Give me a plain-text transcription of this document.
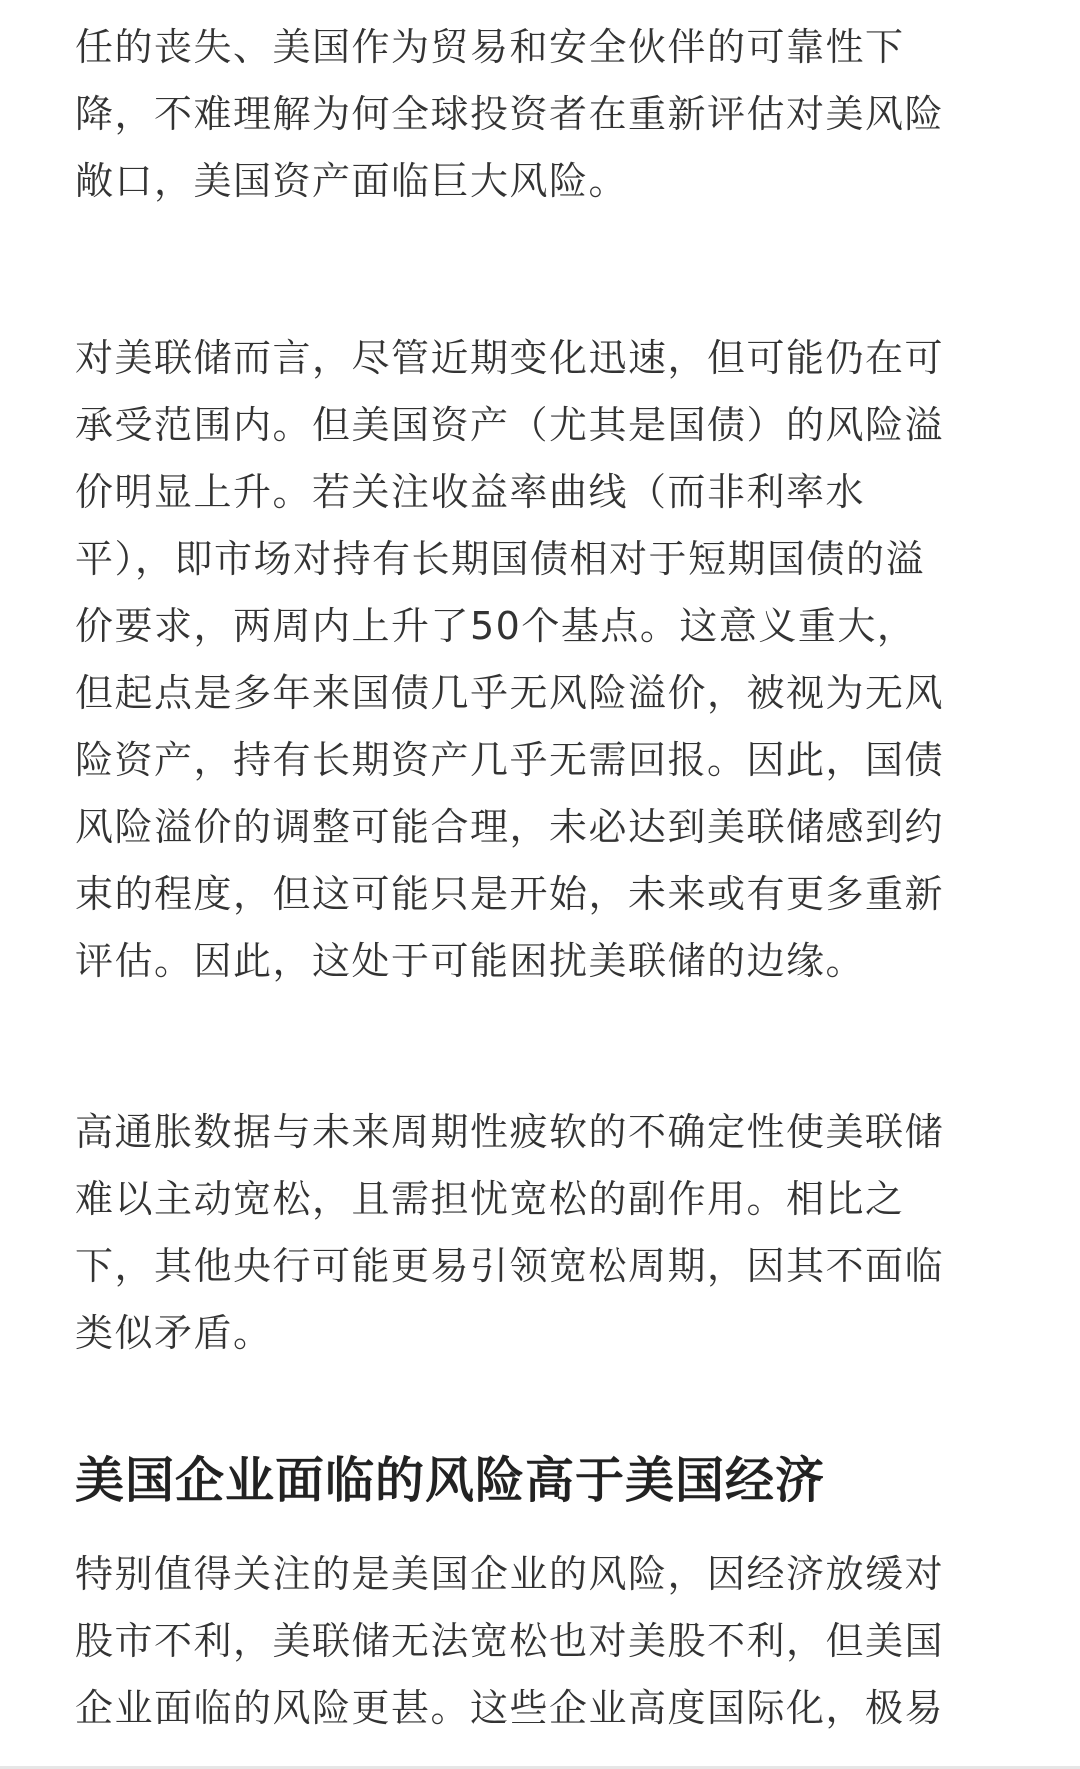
任的丧失、美国作为贸易和安全伙伴的可靠性下
降，不难理解为何全球投资者在重新评估对美风险
敞口，美国资产面临巨大风险。

对美联储而言，尽管近期变化迅速，但可能仍在可
承受范围内。但美国资产（尤其是国债）的风险溢
价明显上升。若关注收益率曲线（而非利率水
平），即市场对持有长期国债相对于短期国债的溢
价要求，两周内上升了50个基点。这意义重大，
但起点是多年来国债几乎无风险溢价，被视为无风
险资产，持有长期资产几乎无需回报。因此，国债
风险溢价的调整可能合理，未必达到美联储感到约
束的程度，但这可能只是开始，未来或有更多重新
评估。因此，这处于可能困扰美联储的边缘。

高通胀数据与未来周期性疲软的不确定性使美联储
难以主动宽松，且需担忧宽松的副作用。相比之
下，其他央行可能更易引领宽松周期，因其不面临
类似矛盾。

美国企业面临的风险高于美国经济

特别值得关注的是美国企业的风险，因经济放缓对
股市不利，美联储无法宽松也对美股不利，但美国
企业面临的风险更甚。这些企业高度国际化，极易
